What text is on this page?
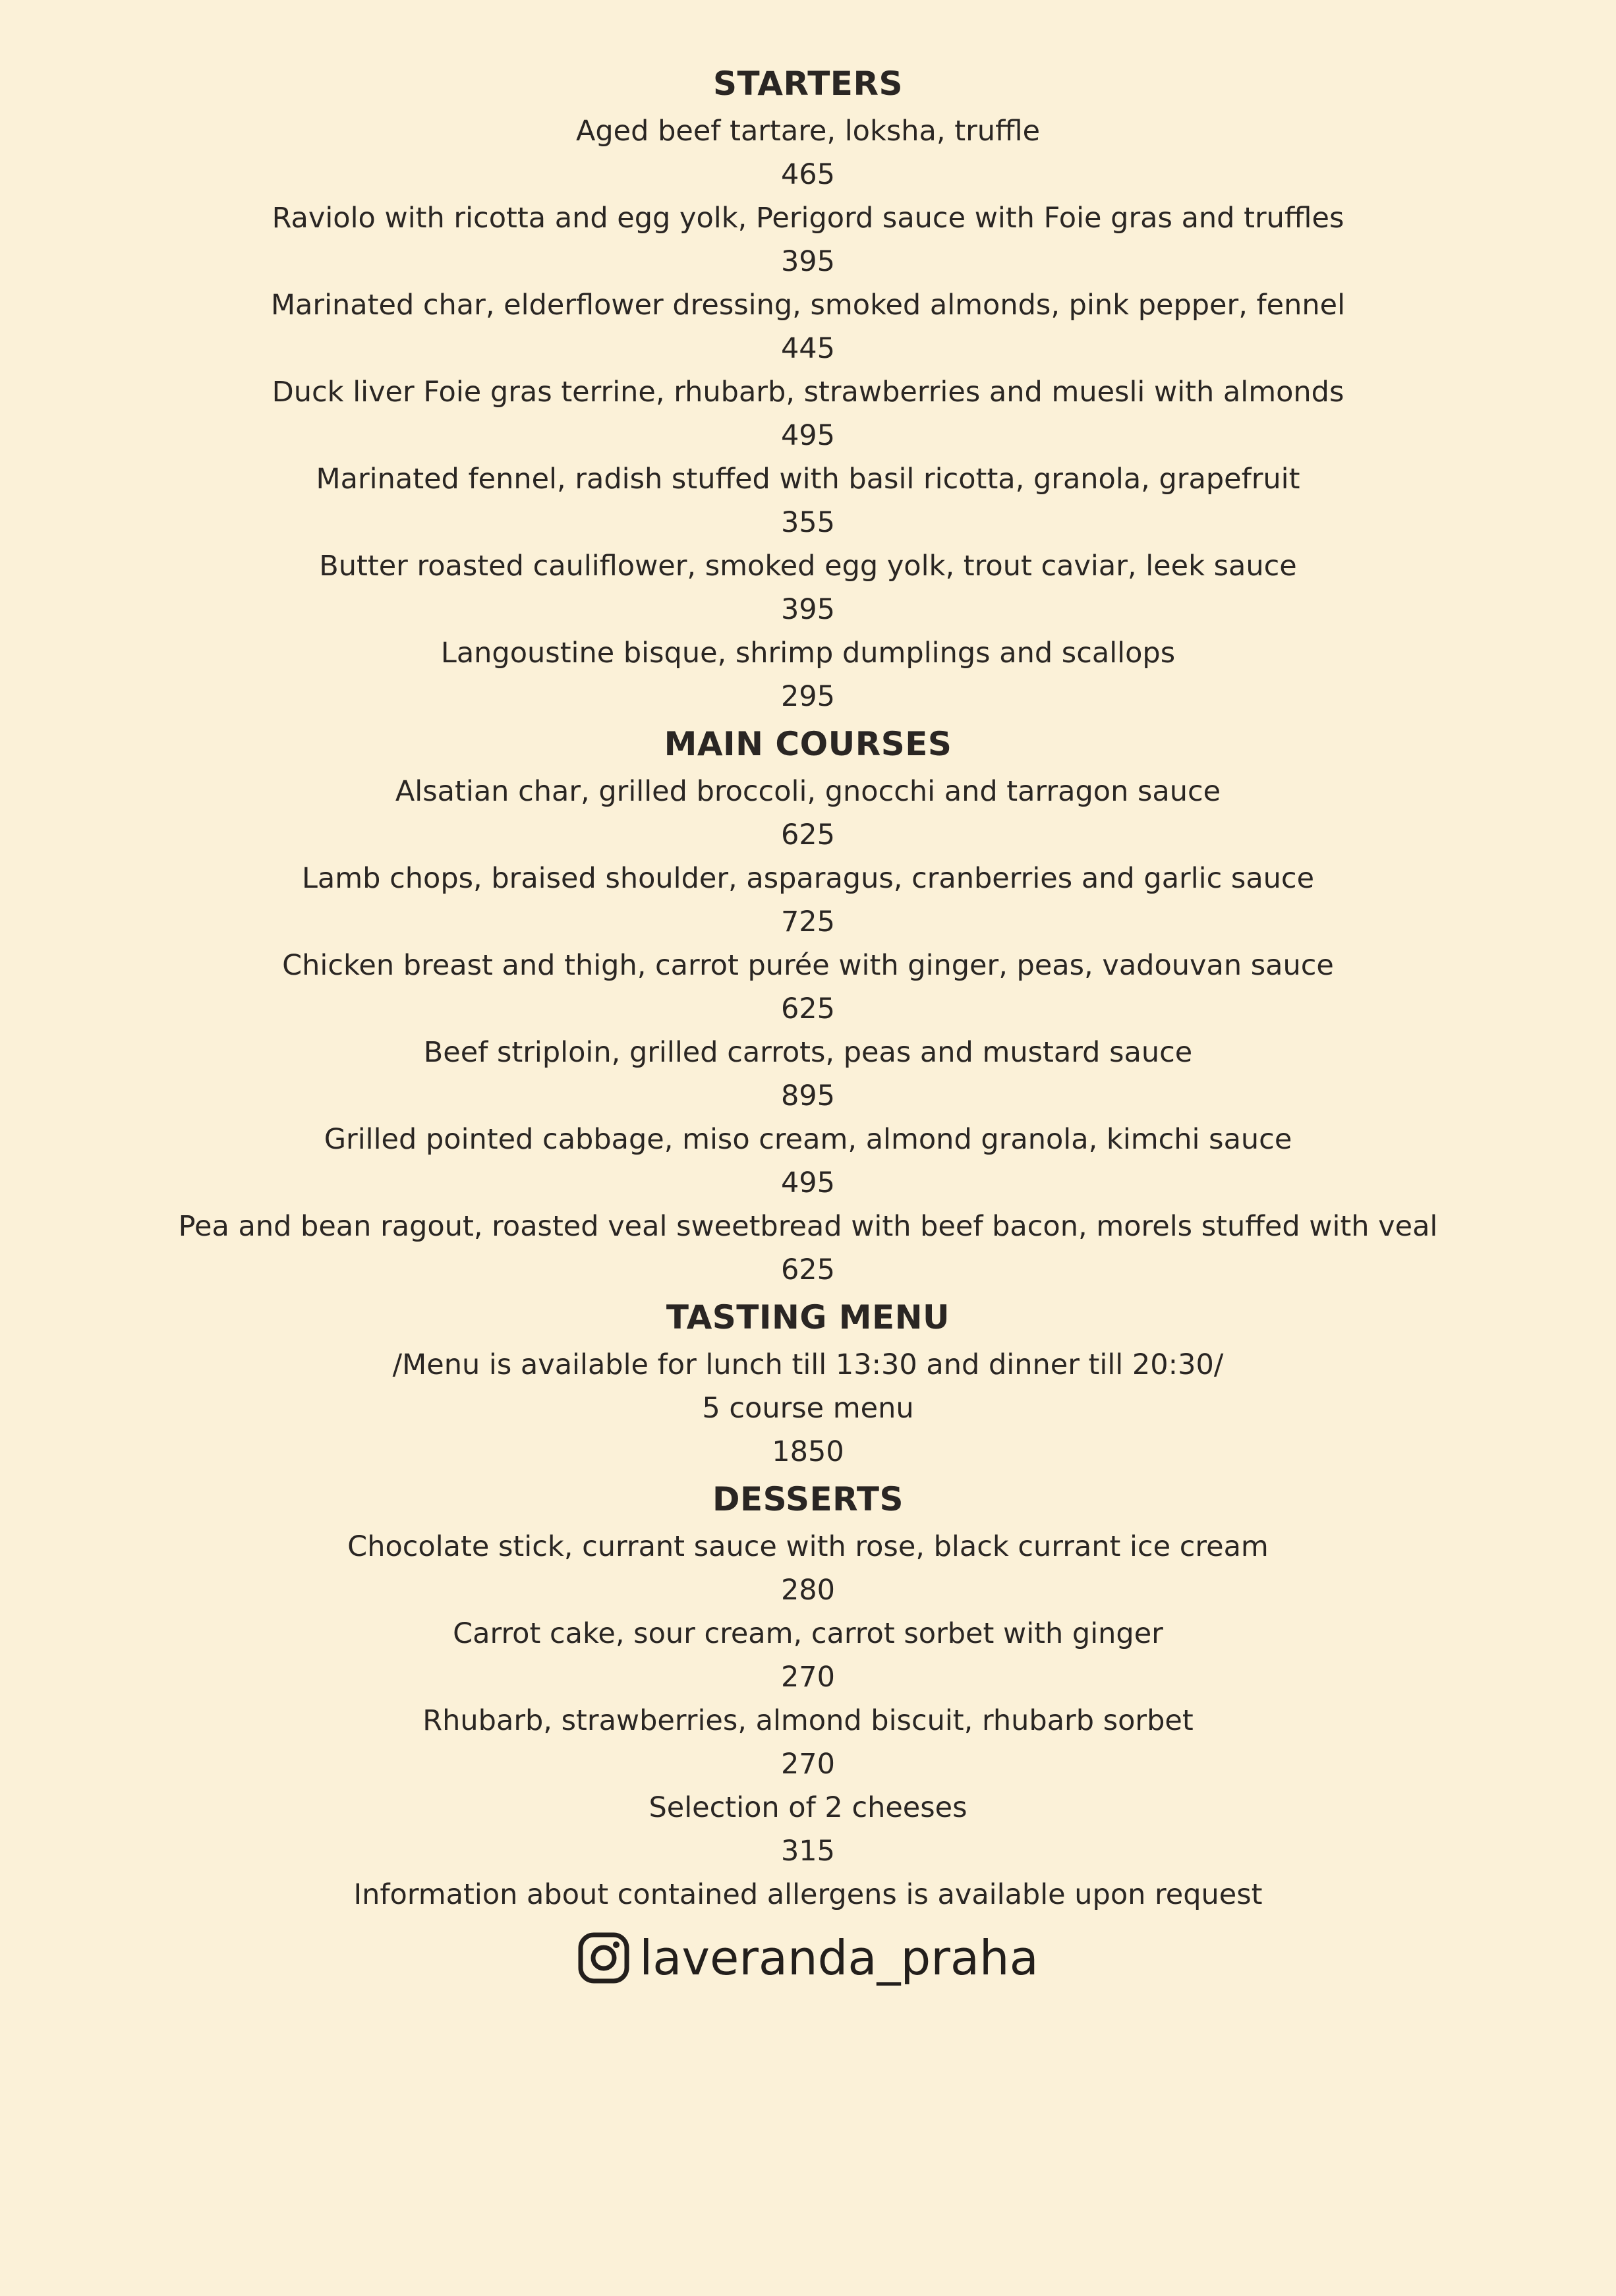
STARTERS
Aged beef tartare, loksha, truffle
465
Raviolo with ricotta and egg yolk, Perigord sauce with Foie gras and truffles
395
Marinated char, elderflower dressing, smoked almonds, pink pepper, fennel
445
Duck liver Foie gras terrine, rhubarb, strawberries and muesli with almonds
495
Marinated fennel, radish stuffed with basil ricotta, granola, grapefruit
355
Butter roasted cauliflower, smoked egg yolk, trout caviar, leek sauce
395
Langoustine bisque, shrimp dumplings and scallops
295
MAIN COURSES
Alsatian char, grilled broccoli, gnocchi and tarragon sauce
625
Lamb chops, braised shoulder, asparagus, cranberries and garlic sauce
725
Chicken breast and thigh, carrot purée with ginger, peas, vadouvan sauce
625
Beef striploin, grilled carrots, peas and mustard sauce
895
Grilled pointed cabbage, miso cream, almond granola, kimchi sauce
495
Pea and bean ragout, roasted veal sweetbread with beef bacon, morels stuffed with veal
625
TASTING MENU
/Menu is available for lunch till 13:30 and dinner till 20:30/
5 course menu
1850
DESSERTS
Chocolate stick, currant sauce with rose, black currant ice cream
280
Carrot cake, sour cream, carrot sorbet with ginger
270
Rhubarb, strawberries, almond biscuit, rhubarb sorbet
270
Selection of 2 cheeses
315
Information about contained allergens is available upon request
laveranda_praha
